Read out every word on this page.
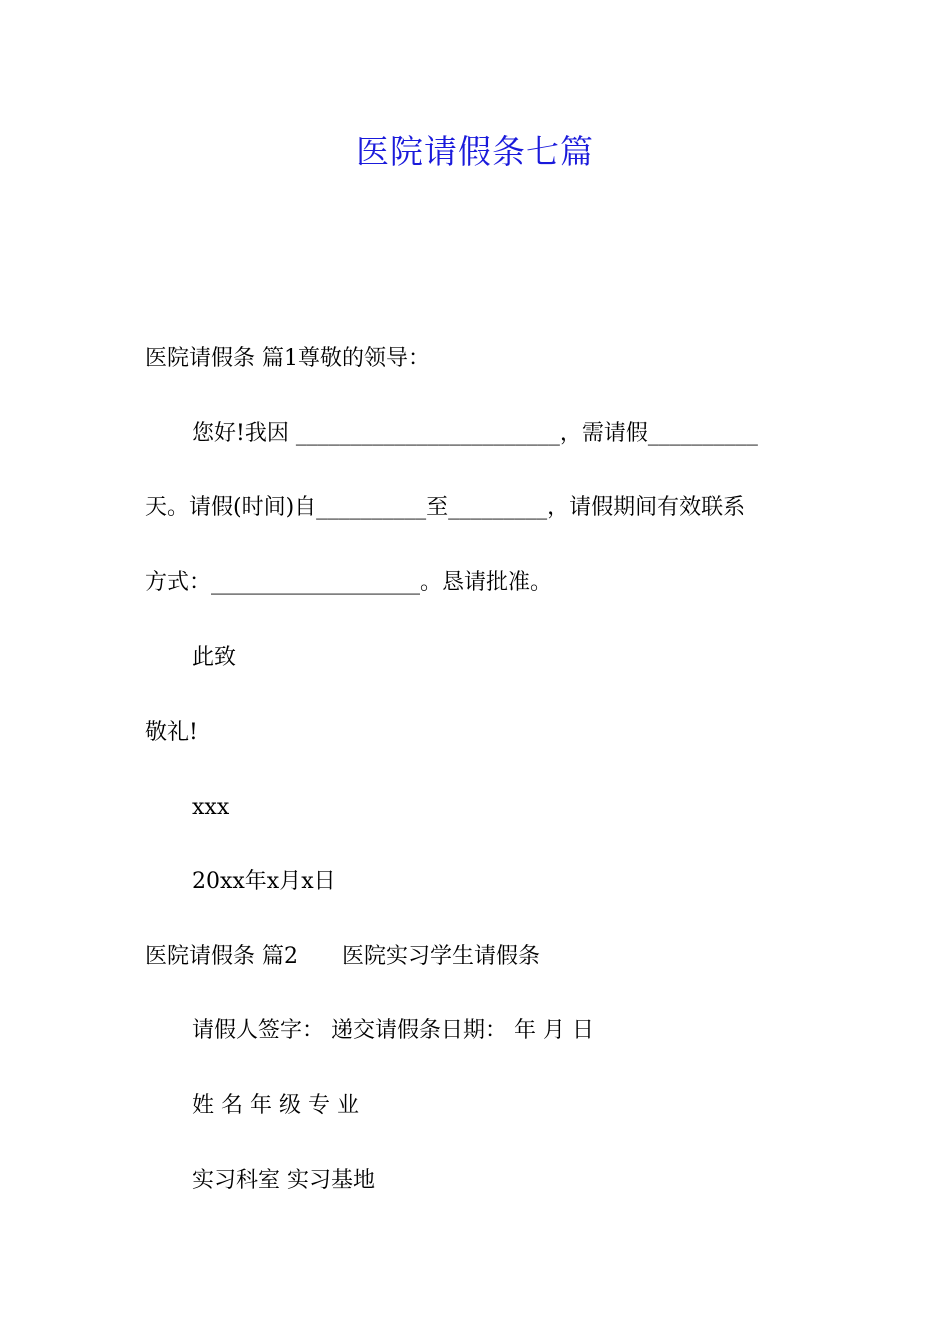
医院请假条七篇
医院请假条 篇1尊敬的领导：
您好!我因 ________________________，需请假__________
天。请假(时间)自__________至_________，请假期间有效联系
方式：___________________。恳请批准。
此致
敬礼!
xxx
20xx年x月x日
医院请假条 篇2　　医院实习学生请假条
请假人签字： 递交请假条日期： 年 月 日
姓 名 年 级 专 业
实习科室 实习基地
